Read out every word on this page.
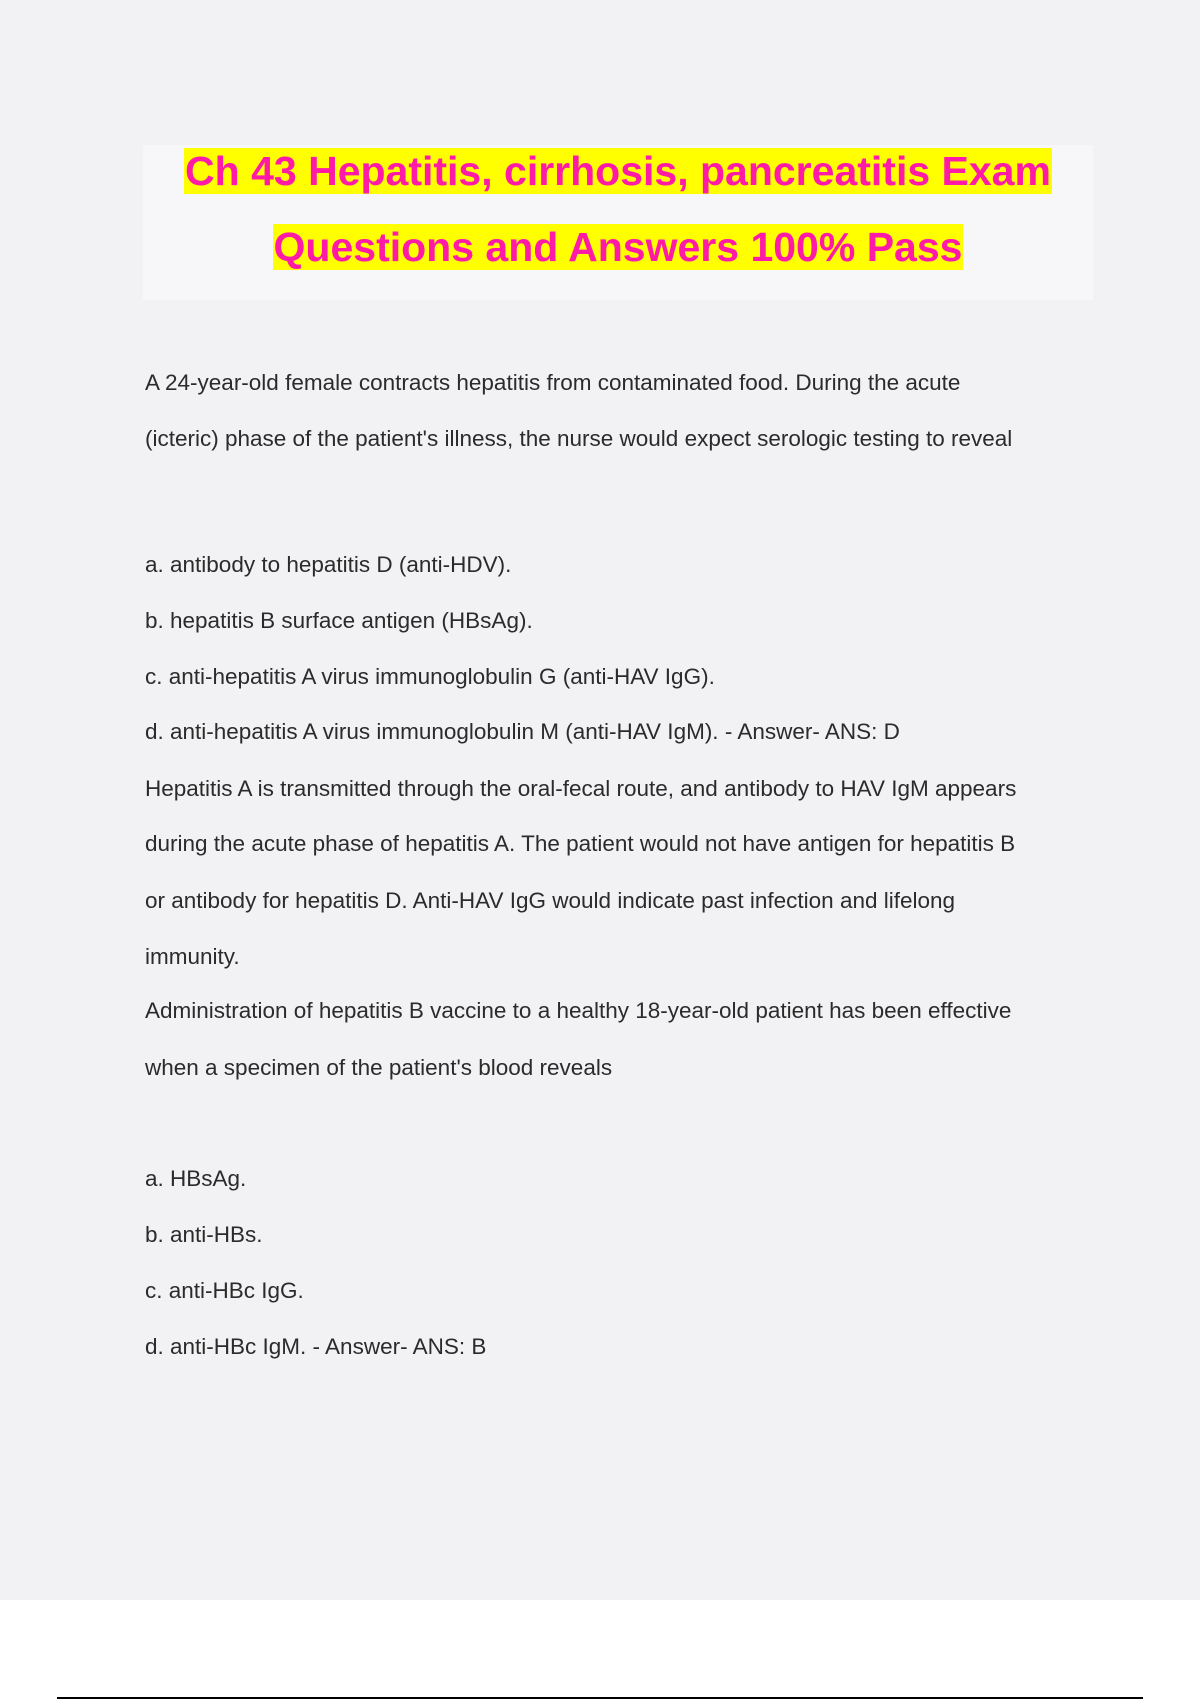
Ch 43 Hepatitis, cirrhosis, pancreatitis Exam
Questions and Answers 100% Pass
A 24-year-old female contracts hepatitis from contaminated food. During the acute
(icteric) phase of the patient's illness, the nurse would expect serologic testing to reveal
a. antibody to hepatitis D (anti-HDV).
b. hepatitis B surface antigen (HBsAg).
c. anti-hepatitis A virus immunoglobulin G (anti-HAV IgG).
d. anti-hepatitis A virus immunoglobulin M (anti-HAV IgM). - Answer- ANS: D
Hepatitis A is transmitted through the oral-fecal route, and antibody to HAV IgM appears
during the acute phase of hepatitis A. The patient would not have antigen for hepatitis B
or antibody for hepatitis D. Anti-HAV IgG would indicate past infection and lifelong
immunity.
Administration of hepatitis B vaccine to a healthy 18-year-old patient has been effective
when a specimen of the patient's blood reveals
a. HBsAg.
b. anti-HBs.
c. anti-HBc IgG.
d. anti-HBc IgM. - Answer- ANS: B
